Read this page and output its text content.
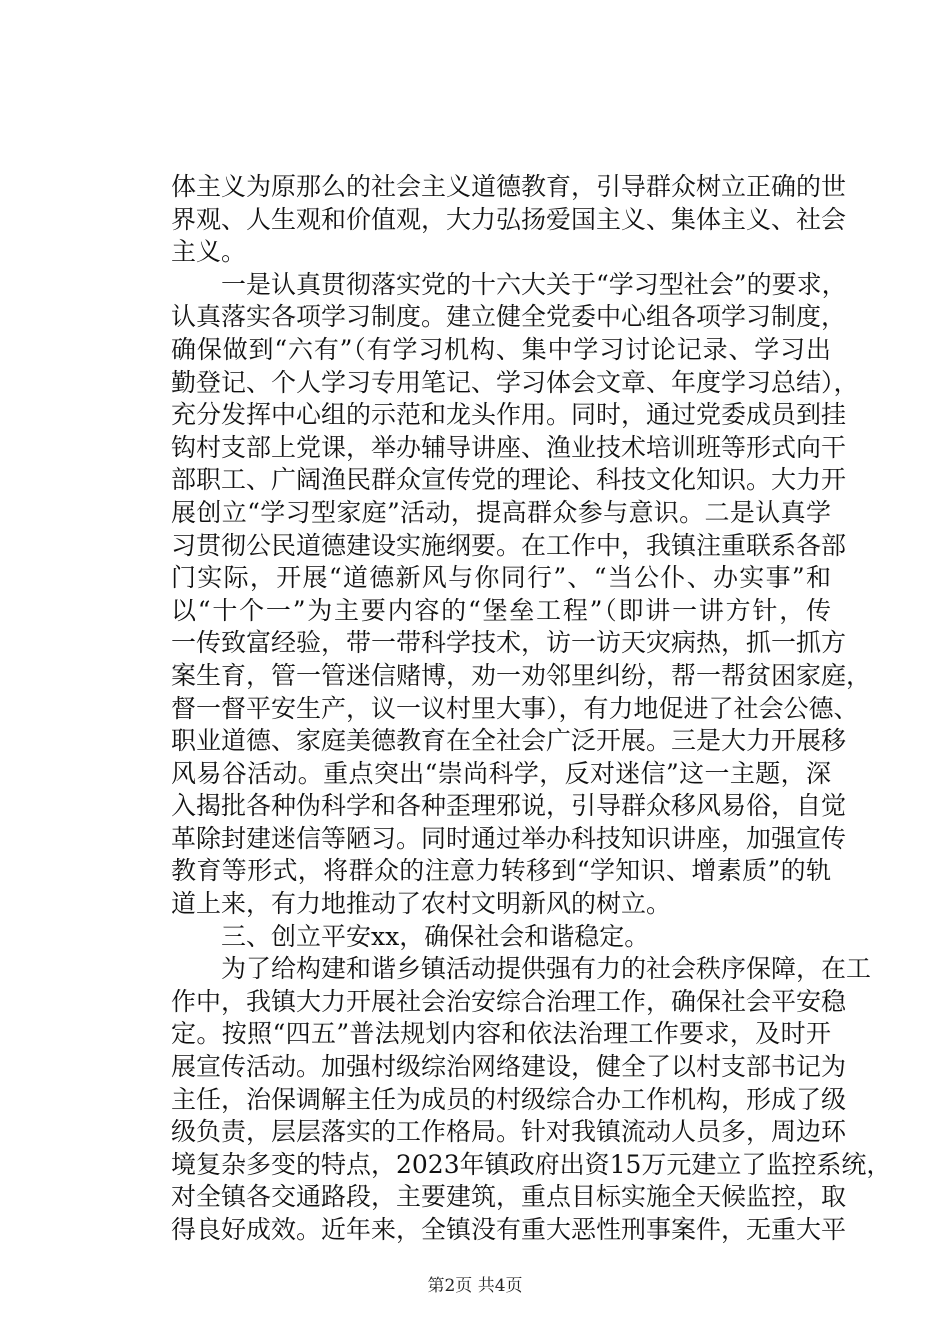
体主义为原那么的社会主义道德教育，引导群众树立正确的世
界观、人生观和价值观，大力弘扬爱国主义、集体主义、社会
主义。
　　一是认真贯彻落实党的十六大关于“学习型社会”的要求，
认真落实各项学习制度。建立健全党委中心组各项学习制度，
确保做到“六有”（有学习机构、集中学习讨论记录、学习出
勤登记、个人学习专用笔记、学习体会文章、年度学习总结），
充分发挥中心组的示范和龙头作用。同时，通过党委成员到挂
钩村支部上党课，举办辅导讲座、渔业技术培训班等形式向干
部职工、广阔渔民群众宣传党的理论、科技文化知识。大力开
展创立“学习型家庭”活动，提高群众参与意识。二是认真学
习贯彻公民道德建设实施纲要。在工作中，我镇注重联系各部
门实际，开展“道德新风与你同行”、“当公仆、办实事”和
以“十个一”为主要内容的“堡垒工程”（即讲一讲方针，传
一传致富经验，带一带科学技术，访一访天灾病热，抓一抓方
案生育，管一管迷信赌博，劝一劝邻里纠纷，帮一帮贫困家庭，
督一督平安生产，议一议村里大事），有力地促进了社会公德、
职业道德、家庭美德教育在全社会广泛开展。三是大力开展移
风易谷活动。重点突出“崇尚科学，反对迷信”这一主题，深
入揭批各种伪科学和各种歪理邪说，引导群众移风易俗，自觉
革除封建迷信等陋习。同时通过举办科技知识讲座，加强宣传
教育等形式，将群众的注意力转移到“学知识、增素质”的轨
道上来，有力地推动了农村文明新风的树立。
　　三、创立平安xx，确保社会和谐稳定。
　　为了给构建和谐乡镇活动提供强有力的社会秩序保障，在工
作中，我镇大力开展社会治安综合治理工作，确保社会平安稳
定。按照“四五”普法规划内容和依法治理工作要求，及时开
展宣传活动。加强村级综治网络建设，健全了以村支部书记为
主任，治保调解主任为成员的村级综合办工作机构，形成了级
级负责，层层落实的工作格局。针对我镇流动人员多，周边环
境复杂多变的特点，2023年镇政府出资15万元建立了监控系统，
对全镇各交通路段，主要建筑，重点目标实施全天候监控，取
得良好成效。近年来，全镇没有重大恶性刑事案件，无重大平
第2页 共4页
